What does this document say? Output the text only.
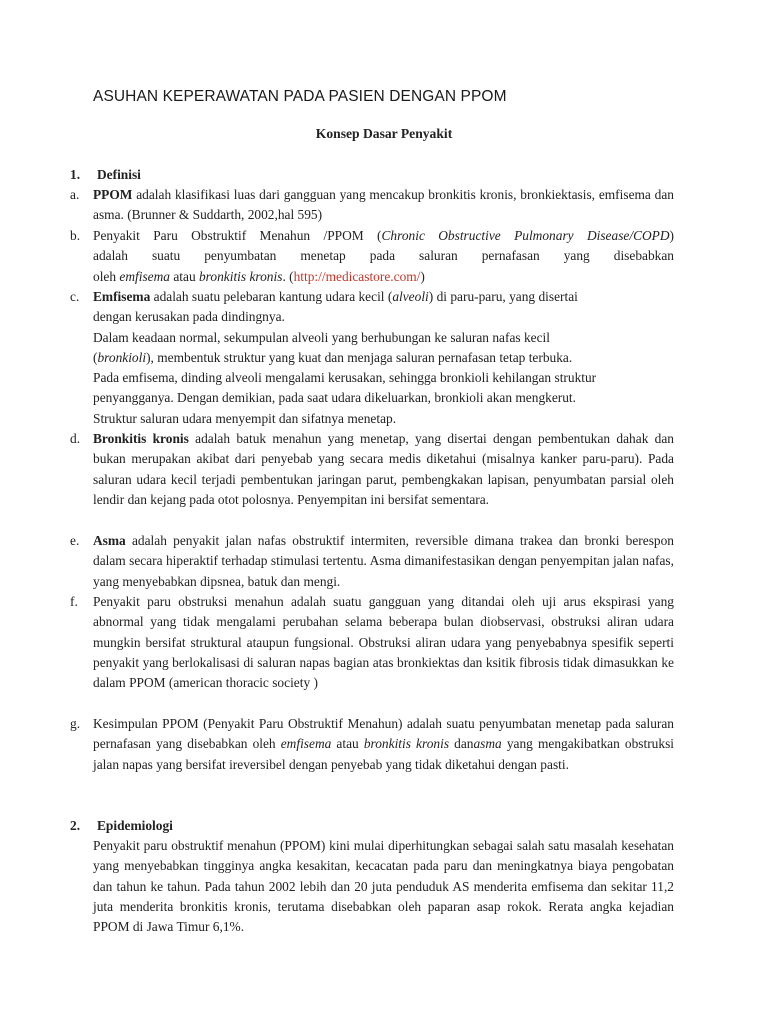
ASUHAN KEPERAWATAN PADA PASIEN DENGAN PPOM
Konsep Dasar Penyakit
1. Definisi
a. PPOM adalah klasifikasi luas dari gangguan yang mencakup bronkitis kronis, bronkiektasis, emfisema dan asma. (Brunner & Suddarth, 2002,hal 595)
b. Penyakit Paru Obstruktif Menahun /PPOM (Chronic Obstructive Pulmonary Disease/COPD)
adalah suatu penyumbatan menetap pada saluran pernafasan yang disebabkan
oleh emfisema atau bronkitis kronis. (http://medicastore.com/)
c. Emfisema adalah suatu pelebaran kantung udara kecil (alveoli) di paru-paru, yang disertai
dengan kerusakan pada dindingnya.
Dalam keadaan normal, sekumpulan alveoli yang berhubungan ke saluran nafas kecil
(bronkioli), membentuk struktur yang kuat dan menjaga saluran pernafasan tetap terbuka.
Pada emfisema, dinding alveoli mengalami kerusakan, sehingga bronkioli kehilangan struktur
penyangganya. Dengan demikian, pada saat udara dikeluarkan, bronkioli akan mengkerut.
Struktur saluran udara menyempit dan sifatnya menetap.
d. Bronkitis kronis adalah batuk menahun yang menetap, yang disertai dengan pembentukan dahak dan bukan merupakan akibat dari penyebab yang secara medis diketahui (misalnya kanker paru-paru). Pada saluran udara kecil terjadi pembentukan jaringan parut, pembengkakan lapisan, penyumbatan parsial oleh lendir dan kejang pada otot polosnya. Penyempitan ini bersifat sementara.
e. Asma adalah penyakit jalan nafas obstruktif intermiten, reversible dimana trakea dan bronki berespon dalam secara hiperaktif terhadap stimulasi tertentu. Asma dimanifestasikan dengan penyempitan jalan nafas, yang menyebabkan dipsnea, batuk dan mengi.
f. Penyakit paru obstruksi menahun adalah suatu gangguan yang ditandai oleh uji arus ekspirasi yang abnormal yang tidak mengalami perubahan selama beberapa bulan diobservasi, obstruksi aliran udara mungkin bersifat struktural ataupun fungsional. Obstruksi aliran udara yang penyebabnya spesifik seperti penyakit yang berlokalisasi di saluran napas bagian atas bronkiektas dan ksitik fibrosis tidak dimasukkan ke dalam PPOM (american thoracic society )
g. Kesimpulan PPOM (Penyakit Paru Obstruktif Menahun) adalah suatu penyumbatan menetap pada saluran pernafasan yang disebabkan oleh emfisema atau bronkitis kronis danasma yang mengakibatkan obstruksi jalan napas yang bersifat ireversibel dengan penyebab yang tidak diketahui dengan pasti.
2. Epidemiologi
Penyakit paru obstruktif menahun (PPOM) kini mulai diperhitungkan sebagai salah satu masalah kesehatan yang menyebabkan tingginya angka kesakitan, kecacatan pada paru dan meningkatnya biaya pengobatan dan tahun ke tahun. Pada tahun 2002 lebih dan 20 juta penduduk AS menderita emfisema dan sekitar 11,2 juta menderita bronkitis kronis, terutama disebabkan oleh paparan asap rokok. Rerata angka kejadian PPOM di Jawa Timur 6,1%.
